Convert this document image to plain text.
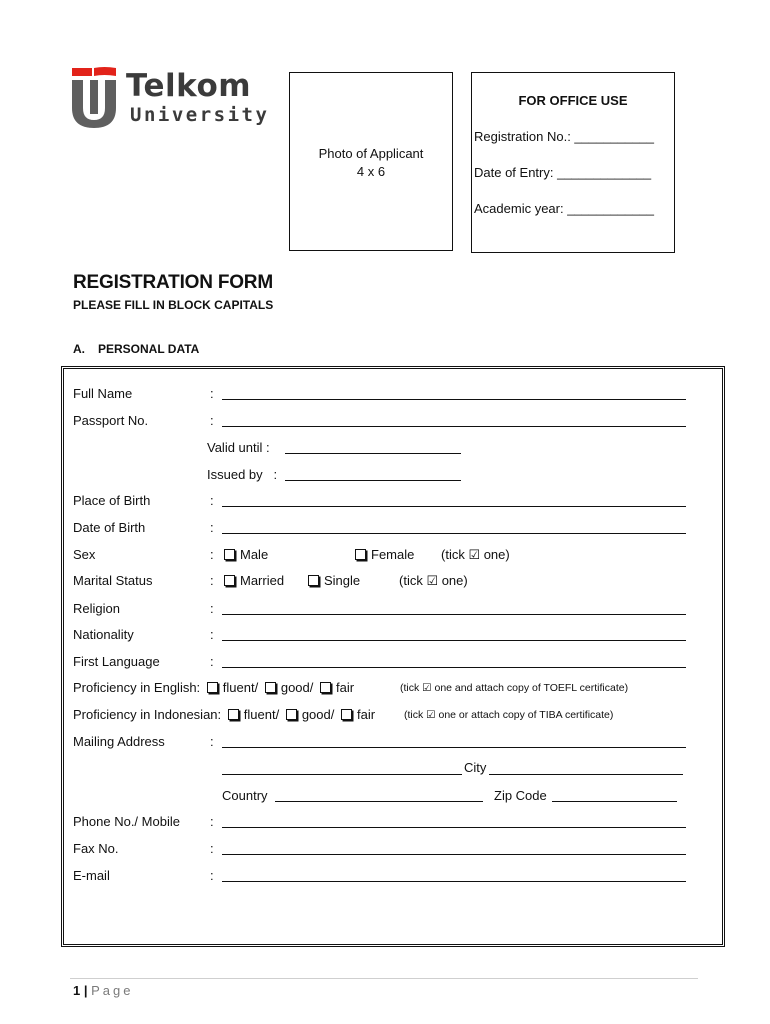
Telkom
University
Photo of Applicant
4 x 6
FOR OFFICE USE
Registration No.: ___________
Date of Entry: _____________
Academic year: ____________
REGISTRATION FORM
PLEASE FILL IN BLOCK CAPITALS
A. PERSONAL DATA
Full Name	:
Passport No.	:
Valid until :
Issued by   :
Place of Birth	:
Date of Birth	:
Sex	:	Male	Female (tick ☑ one)
Marital Status	:	Married	Single	(tick ☑ one)
Religion	:
Nationality	:
First Language	:
Proficiency in English: fluent/ good/ fair	(tick ☑ one and attach copy of TOEFL certificate)
Proficiency in Indonesian: fluent/ good/ fair	(tick ☑ one or attach copy of TIBA certificate)
Mailing Address	:
City
Country	Zip Code
Phone No./ Mobile :
Fax No.	:
E-mail	:
1 | Page
